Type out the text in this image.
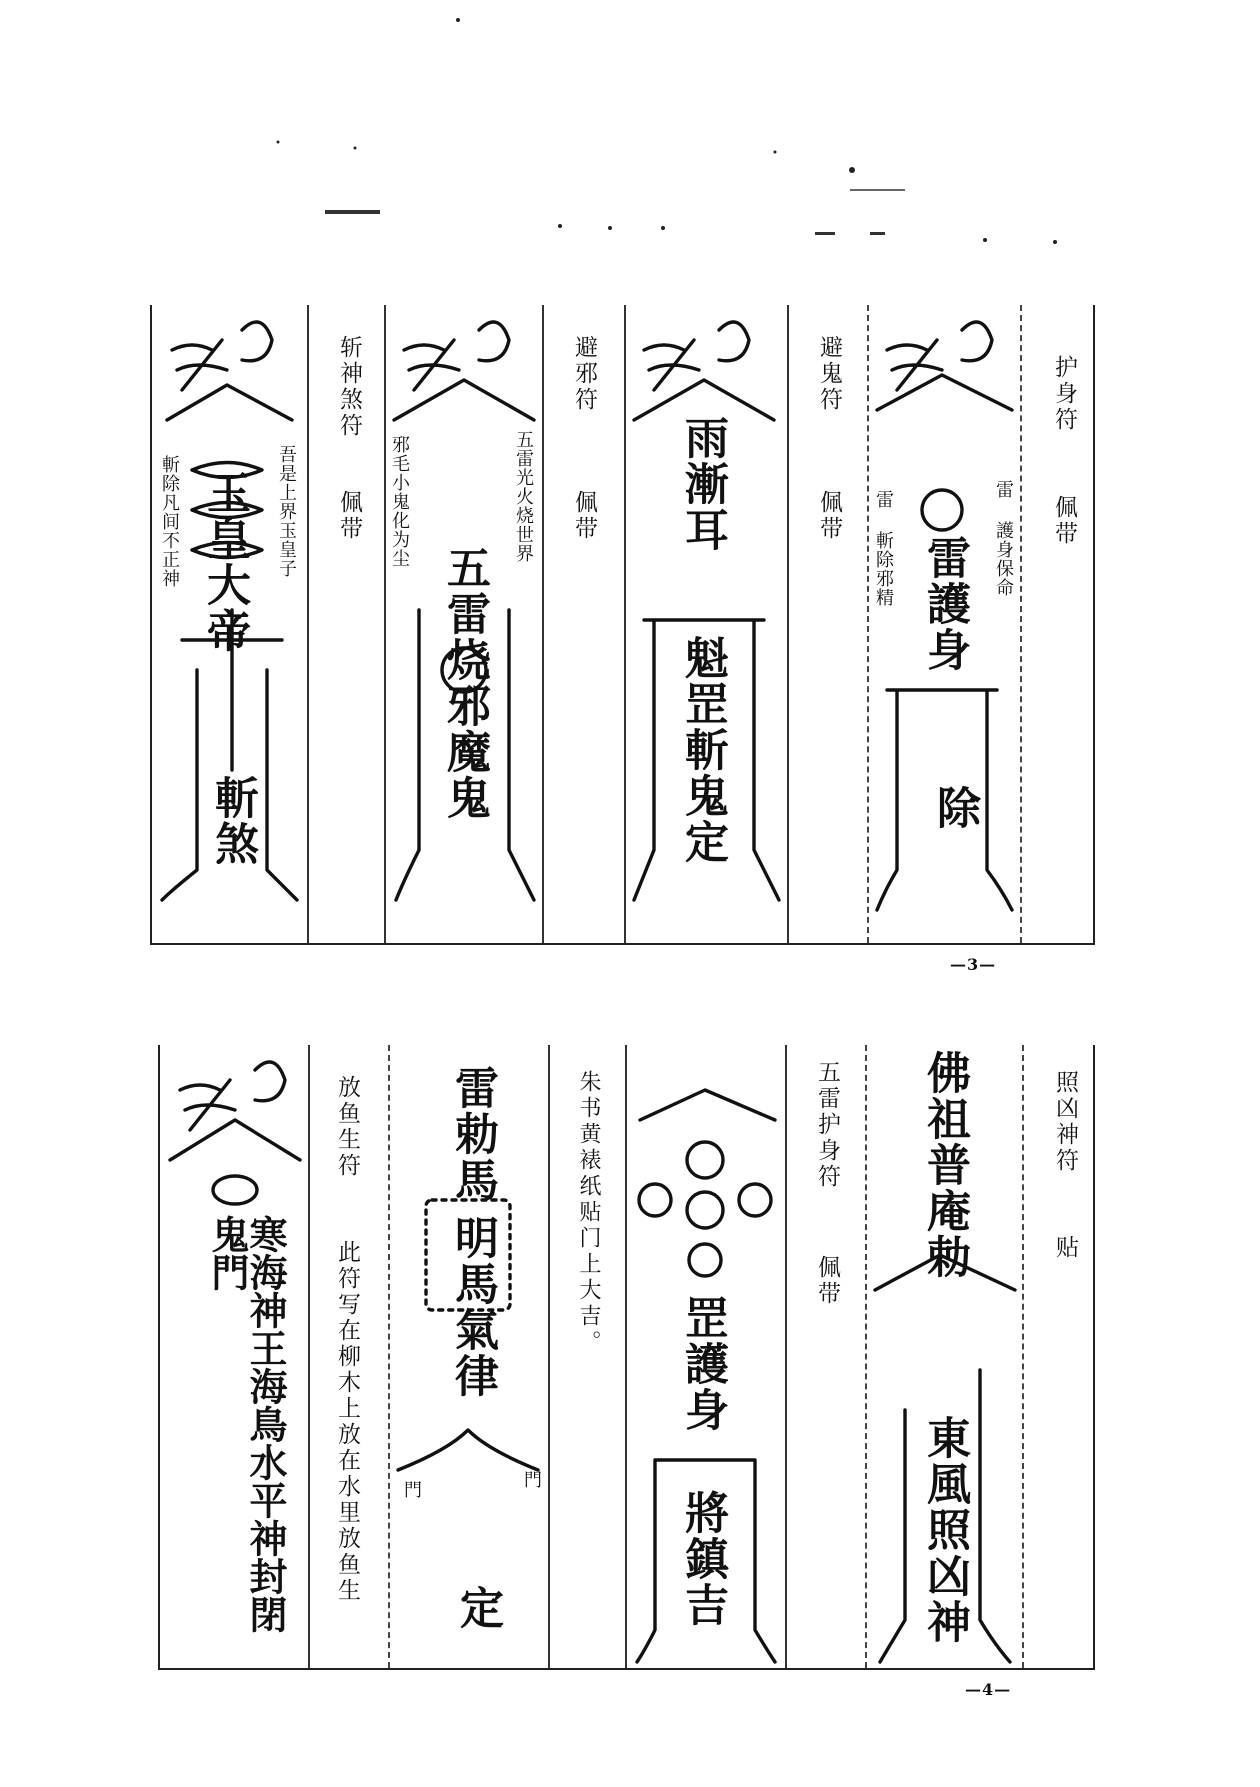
玉皇大帝
斬煞
吾是上界玉皇子
斬除凡间不正神
斩神煞符
佩带
五雷烧邪魔鬼
五雷光火烧世界
邪毛小鬼化为尘
避邪符
佩带 雨漸耳
魁罡斬鬼定
避鬼符
佩带
雷護身
除
雷 護身保命
雷 斬除邪精
护身符
佩带
—3—
寒海神王海鳥水平神封閉鬼門
放鱼生符
此符写在柳木上放在水里放鱼生
雷勅馬
明馬氣律
門
門
定
朱书黄裱纸贴门上大吉。
罡護身
將鎮吉
五雷护身符
佩带
佛祖普庵勅
東風照凶神
照凶神符
贴
—4—
